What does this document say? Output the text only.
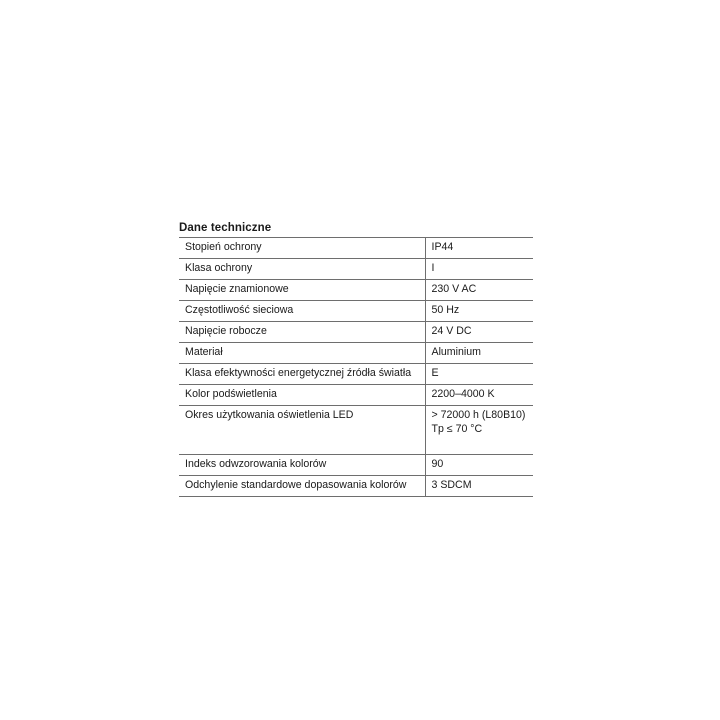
Dane techniczne
Stopień ochrony	IP44
Klasa ochrony	I
Napięcie znamionowe	230 V AC
Częstotliwość sieciowa	50 Hz
Napięcie robocze	24 V DC
Materiał	Aluminium
Klasa efektywności energetycznej źródła światła	E
Kolor podświetlenia	2200–4000 K
Okres użytkowania oświetlenia LED	> 72000 h (L80B10) Tp ≤ 70 °C
Indeks odwzorowania kolorów	90
Odchylenie standardowe dopasowania kolorów	3 SDCM
